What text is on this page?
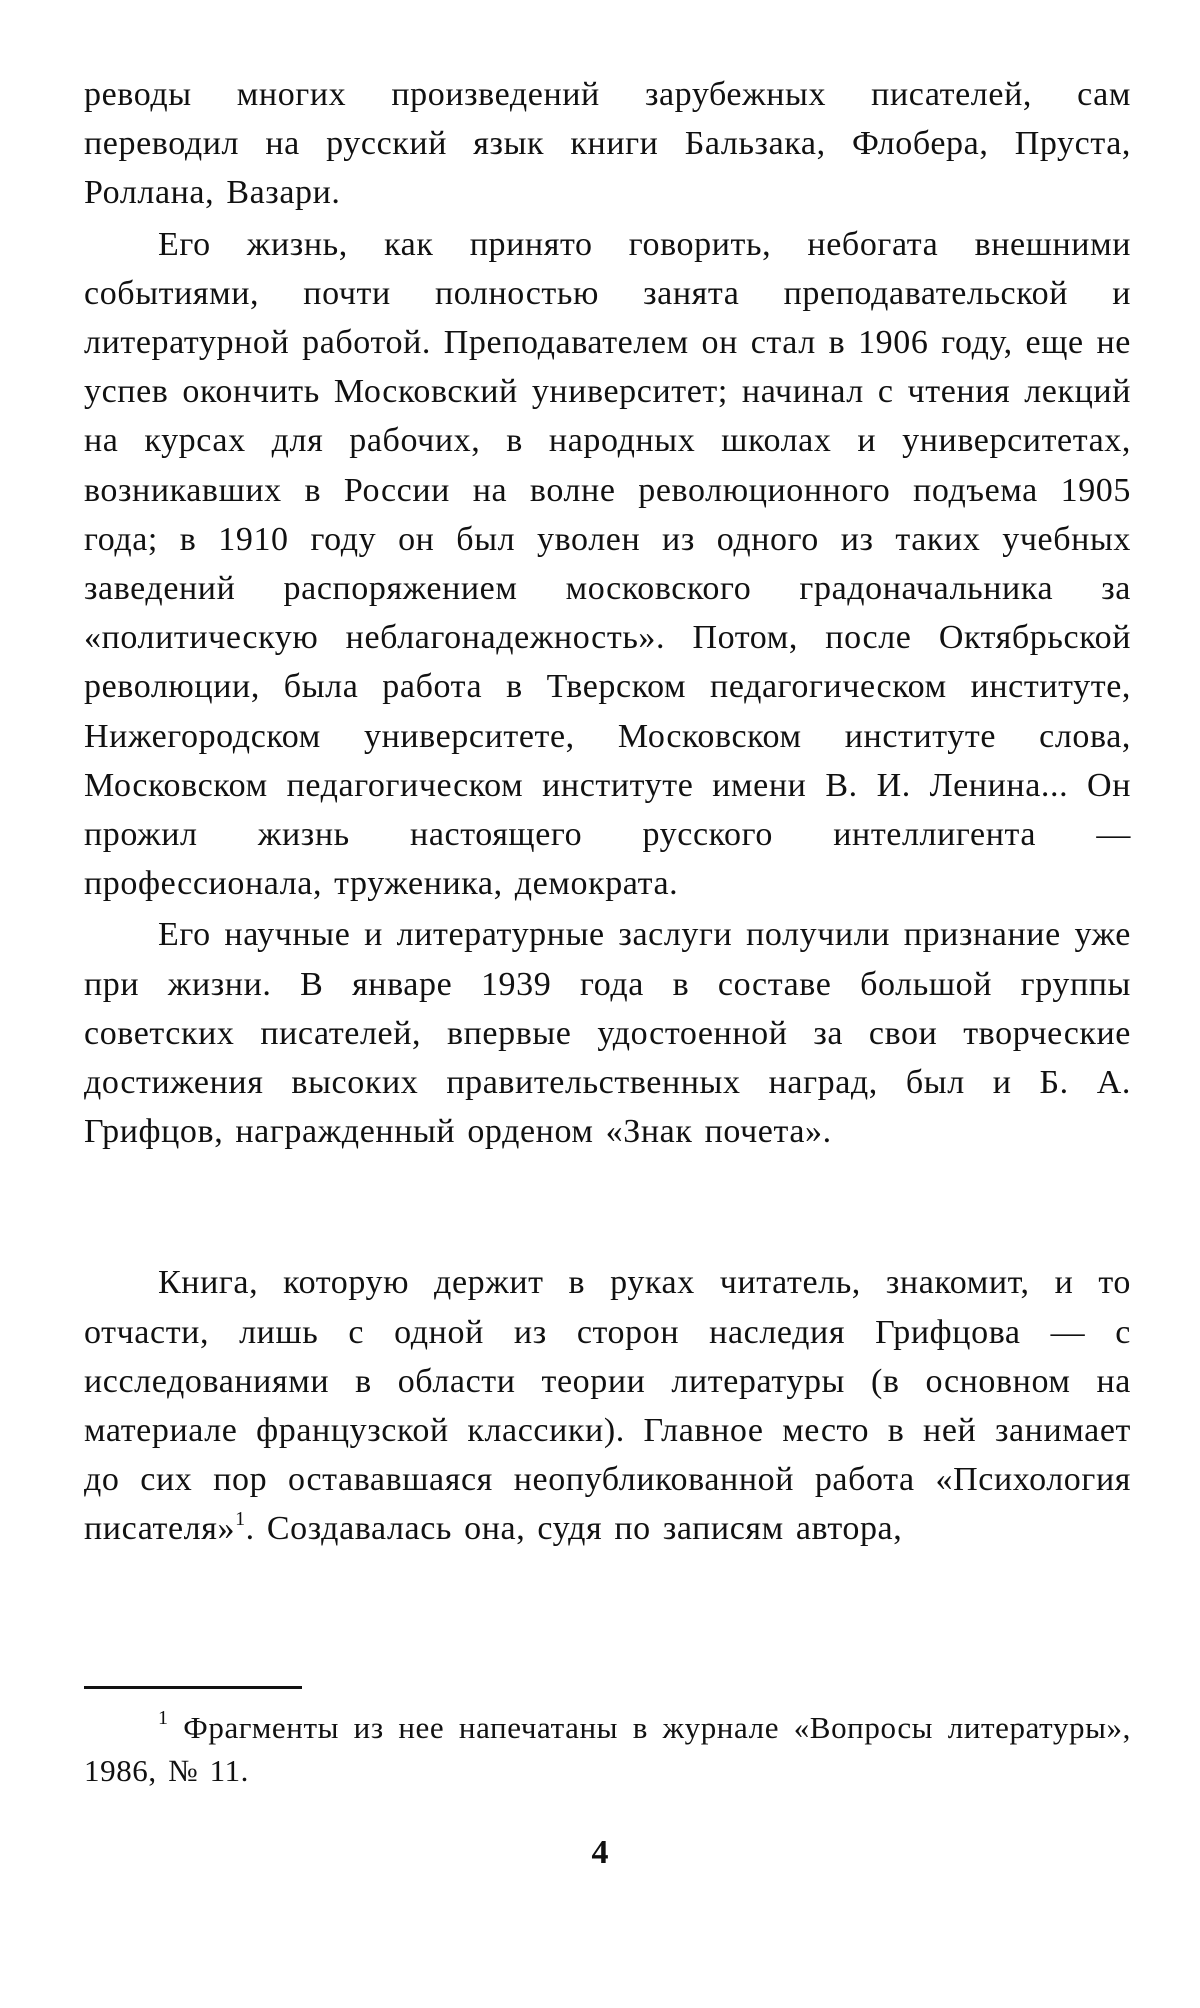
реводы многих произведений зарубежных писателей, сам переводил на русский язык книги Бальзака, Флобера, Пруста, Роллана, Вазари.

Его жизнь, как принято говорить, небогата внешними событиями, почти полностью занята преподавательской и литературной работой. Преподавателем он стал в 1906 году, еще не успев окончить Московский университет; начинал с чтения лекций на курсах для рабочих, в народных школах и университетах, возникавших в России на волне революционного подъема 1905 года; в 1910 году он был уволен из одного из таких учебных заведений распоряжением московского градоначальника за «политическую неблагонадежность». Потом, после Октябрьской революции, была работа в Тверском педагогическом институте, Нижегородском университете, Московском институте слова, Московском педагогическом институте имени В. И. Ленина... Он прожил жизнь настоящего русского интеллигента — профессионала, труженика, демократа.

Его научные и литературные заслуги получили признание уже при жизни. В январе 1939 года в составе большой группы советских писателей, впервые удостоенной за свои творческие достижения высоких правительственных наград, был и Б. А. Грифцов, награжденный орденом «Знак почета».

Книга, которую держит в руках читатель, знакомит, и то отчасти, лишь с одной из сторон наследия Грифцова — с исследованиями в области теории литературы (в основном на материале французской классики). Главное место в ней занимает до сих пор остававшаяся неопубликованной работа «Психология писателя»$^1$. Создавалась она, судя по записям автора,

$^1$ Фрагменты из нее напечатаны в журнале «Вопросы литературы», 1986, № 11.

4
